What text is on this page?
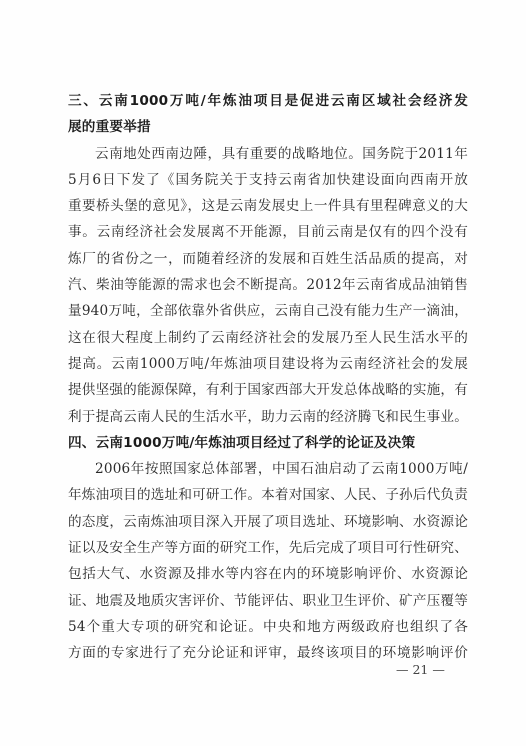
三、云南1000万吨/年炼油项目是促进云南区域社会经济发
展的重要举措
云南地处西南边陲，具有重要的战略地位。国务院于2011年
5月6日下发了《国务院关于支持云南省加快建设面向西南开放
重要桥头堡的意见》，这是云南发展史上一件具有里程碑意义的大
事。云南经济社会发展离不开能源，目前云南是仅有的四个没有
炼厂的省份之一，而随着经济的发展和百姓生活品质的提高，对
汽、柴油等能源的需求也会不断提高。2012年云南省成品油销售
量940万吨，全部依靠外省供应，云南自己没有能力生产一滴油，
这在很大程度上制约了云南经济社会的发展乃至人民生活水平的
提高。云南1000万吨/年炼油项目建设将为云南经济社会的发展
提供坚强的能源保障，有利于国家西部大开发总体战略的实施，有
利于提高云南人民的生活水平，助力云南的经济腾飞和民生事业。
四、云南1000万吨/年炼油项目经过了科学的论证及决策
2006年按照国家总体部署，中国石油启动了云南1000万吨/
年炼油项目的选址和可研工作。本着对国家、人民、子孙后代负责
的态度，云南炼油项目深入开展了项目选址、环境影响、水资源论
证以及安全生产等方面的研究工作，先后完成了项目可行性研究、
包括大气、水资源及排水等内容在内的环境影响评价、水资源论
证、地震及地质灾害评价、节能评估、职业卫生评价、矿产压覆等
54个重大专项的研究和论证。中央和地方两级政府也组织了各
方面的专家进行了充分论证和评审，最终该项目的环境影响评价
— 21 —
